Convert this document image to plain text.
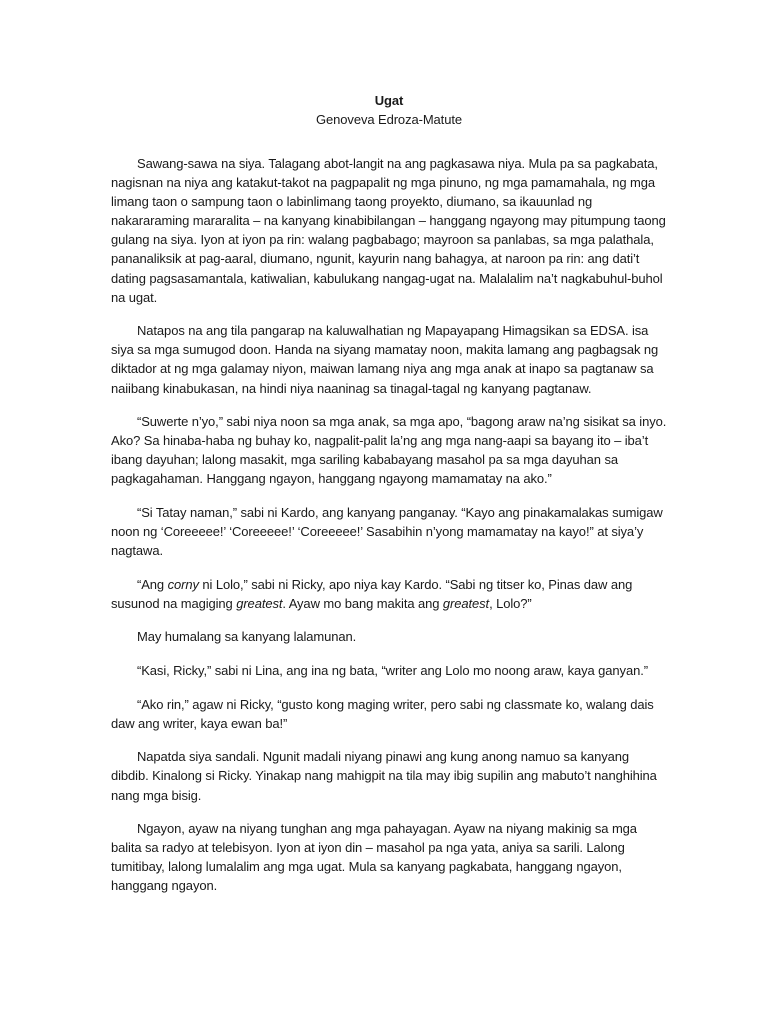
Ugat

Genoveva Edroza-Matute

Sawang-sawa na siya. Talagang abot-langit na ang pagkasawa niya. Mula pa sa pagkabata, nagisnan na niya ang katakut-takot na pagpapalit ng mga pinuno, ng mga pamamahala, ng mga limang taon o sampung taon o labinlimang taong proyekto, diumano, sa ikauunlad ng nakararaming mararalita – na kanyang kinabibilangan – hanggang ngayong may pitumpung taong gulang na siya. Iyon at iyon pa rin: walang pagbabago; mayroon sa panlabas, sa mga palathala, pananaliksik at pag-aaral, diumano, ngunit, kayurin nang bahagya, at naroon pa rin: ang dati’t dating pagsasamantala, katiwalian, kabulukang nangag-ugat na. Malalalim na’t nagkabuhul-buhol na ugat.

Natapos na ang tila pangarap na kaluwalhatian ng Mapayapang Himagsikan sa EDSA. isa siya sa mga sumugod doon. Handa na siyang mamatay noon, makita lamang ang pagbagsak ng diktador at ng mga galamay niyon, maiwan lamang niya ang mga anak at inapo sa pagtanaw sa naiibang kinabukasan, na hindi niya naaninag sa tinagal-tagal ng kanyang pagtanaw.

“Suwerte n’yo,” sabi niya noon sa mga anak, sa mga apo, “bagong araw na’ng sisikat sa inyo. Ako? Sa hinaba-haba ng buhay ko, nagpalit-palit la’ng ang mga nang-aapi sa bayang ito – iba’t ibang dayuhan; lalong masakit, mga sariling kababayang masahol pa sa mga dayuhan sa pagkagahaman. Hanggang ngayon, hanggang ngayong mamamatay na ako.”

“Si Tatay naman,” sabi ni Kardo, ang kanyang panganay. “Kayo ang pinakamalakas sumigaw noon ng ‘Coreeeee!’ ‘Coreeeee!’ ‘Coreeeee!’ Sasabihin n’yong mamamatay na kayo!” at siya’y nagtawa.

“Ang corny ni Lolo,” sabi ni Ricky, apo niya kay Kardo. “Sabi ng titser ko, Pinas daw ang susunod na magiging greatest. Ayaw mo bang makita ang greatest, Lolo?”

May humalang sa kanyang lalamunan.

“Kasi, Ricky,” sabi ni Lina, ang ina ng bata, “writer ang Lolo mo noong araw, kaya ganyan.”

“Ako rin,” agaw ni Ricky, “gusto kong maging writer, pero sabi ng classmate ko, walang dais daw ang writer, kaya ewan ba!”

Napatda siya sandali. Ngunit madali niyang pinawi ang kung anong namuo sa kanyang dibdib. Kinalong si Ricky. Yinakap nang mahigpit na tila may ibig supilin ang mabuto’t nanghihina nang mga bisig.

Ngayon, ayaw na niyang tunghan ang mga pahayagan. Ayaw na niyang makinig sa mga balita sa radyo at telebisyon. Iyon at iyon din – masahol pa nga yata, aniya sa sarili. Lalong tumitibay, lalong lumalalim ang mga ugat. Mula sa kanyang pagkabata, hanggang ngayon, hanggang ngayon.
